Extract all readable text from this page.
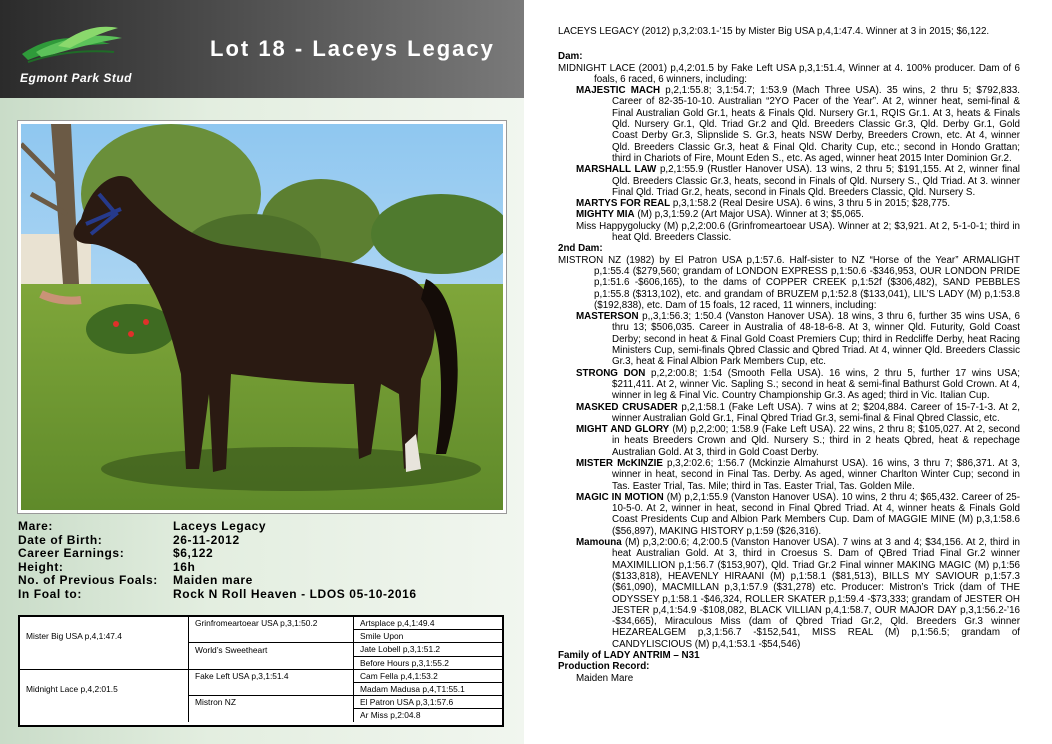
Egmont Park Stud
Lot 18 - Laceys Legacy
Mare:	Laceys Legacy
Date of Birth:	26-11-2012
Career Earnings:	$6,122
Height:	16h
No. of Previous Foals:	Maiden mare
In Foal to:	Rock N Roll Heaven - LDOS 05-10-2016
	Grinfromeartoear USA p,3,1:50.2	Artsplace p,4,1:49.4
Mister Big USA p,4,1:47.4		Smile Upon
	World’s Sweetheart	Jate Lobell p,3,1:51.2
		Before Hours p,3,1:55.2
	Fake Left USA p,3,1:51.4	Cam Fella p,4,1:53.2
Midnight Lace p,4,2:01.5		Madam Madusa p,4,T1:55.1
	Mistron NZ	El Patron USA p,3,1:57.6
		Ar Miss p,2:04.8

LACEYS LEGACY (2012) p,3,2:03.1-’15 by Mister Big USA p,4,1:47.4. Winner at 3 in 2015; $6,122.

Dam:

MIDNIGHT LACE (2001) p,4,2:01.5 by Fake Left USA p,3,1:51.4, Winner at 4. 100% producer. Dam of 6 foals, 6 raced, 6 winners, including:

MAJESTIC MACH p,2,1:55.8; 3,1:54.7; 1:53.9 (Mach Three USA). 35 wins, 2 thru 5; $792,833. Career of 82-35-10-10. Australian “2YO Pacer of the Year”. At 2, winner heat, semi-final & Final Australian Gold Gr.1, heats & Finals Qld. Nursery Gr.1, RQIS Gr.1. At 3, heats & Finals Qld. Nursery Gr.1, Qld. Triad Gr.2 and Qld. Breeders Classic Gr.3, Qld. Derby Gr.1, Gold Coast Derby Gr.3, Slipnslide S. Gr.3, heats NSW Derby, Breeders Crown, etc. At 4, winner Qld. Breeders Classic Gr.3, heat & Final Qld. Charity Cup, etc.; second in Hondo Grattan; third in Chariots of Fire, Mount Eden S., etc. As aged, winner heat 2015 Inter Dominion Gr.2.

MARSHALL LAW p,2,1:55.9 (Rustler Hanover USA). 13 wins, 2 thru 5; $191,155. At 2, winner final Qld. Breeders Classic Gr.3, heats, second in Finals of Qld. Nursery S., Qld Triad. At 3. winner Final Qld. Triad Gr.2, heats, second in Finals Qld. Breeders Classic, Qld. Nursery S.

MARTYS FOR REAL p,3,1:58.2 (Real Desire USA). 6 wins, 3 thru 5 in 2015; $28,775.

MIGHTY MIA (M) p,3,1:59.2 (Art Major USA). Winner at 3; $5,065.

Miss Happygolucky (M) p,2,2:00.6 (Grinfromeartoear USA). Winner at 2; $3,921. At 2, 5-1-0-1; third in heat Qld. Breeders Classic.

2nd Dam:

MISTRON NZ (1982) by El Patron USA p,1:57.6. Half-sister to NZ “Horse of the Year” ARMALIGHT p,1:55.4 ($279,560; grandam of LONDON EXPRESS p,1:50.6 -$346,953, OUR LONDON PRIDE p,1:51.6 -$606,165), to the dams of COPPER CREEK p,1:52f ($306,482), SAND PEBBLES p,1:55.8 ($313,102), etc. and grandam of BRUZEM p,1:52.8 ($133,041), LIL’S LADY (M) p,1:53.8 ($192,838), etc. Dam of 15 foals, 12 raced, 11 winners, including:

MASTERSON p,,3,1:56.3; 1:50.4 (Vanston Hanover USA). 18 wins, 3 thru 6, further 35 wins USA, 6 thru 13; $506,035. Career in Australia of 48-18-6-8. At 3, winner Qld. Futurity, Gold Coast Derby; second in heat & Final Gold Coast Premiers Cup; third in Redcliffe Derby, heat Racing Ministers Cup, semi-finals Qbred Classic and Qbred Triad. At 4, winner Qld. Breeders Classic Gr.3, heat & Final Albion Park Members Cup, etc.

STRONG DON p,2,2:00.8; 1:54 (Smooth Fella USA). 16 wins, 2 thru 5, further 17 wins USA; $211,411. At 2, winner Vic. Sapling S.; second in heat & semi-final Bathurst Gold Crown. At 4, winner in leg & Final Vic. Country Championship Gr.3. As aged; third in Vic. Italian Cup.

MASKED CRUSADER p,2,1:58.1 (Fake Left USA). 7 wins at 2; $204,884. Career of 15-7-1-3. At 2, winner Australian Gold Gr.1, Final Qbred Triad Gr.3, semi-final & Final Qbred Classic, etc.

MIGHT AND GLORY (M) p,2,2:00; 1:58.9 (Fake Left USA). 22 wins, 2 thru 8; $105,027. At 2, second in heats Breeders Crown and Qld. Nursery S.; third in 2 heats Qbred, heat & repechage Australian Gold. At 3, third in Gold Coast Derby.

MISTER McKINZIE p,3,2:02.6; 1:56.7 (Mckinzie Almahurst USA). 16 wins, 3 thru 7; $86,371. At 3, winner in heat, second in Final Tas. Derby. As aged, winner Charlton Winter Cup; second in Tas. Easter Trial, Tas. Mile; third in Tas. Easter Trial, Tas. Golden Mile.

MAGIC IN MOTION (M) p,2,1:55.9 (Vanston Hanover USA). 10 wins, 2 thru 4; $65,432. Career of 25-10-5-0. At 2, winner in heat, second in Final Qbred Triad. At 4, winner heats & Finals Gold Coast Presidents Cup and Albion Park Members Cup. Dam of MAGGIE MINE (M) p,3,1:58.6 ($56,897), MAKING HISTORY p,1:59 ($26,316).

Mamouna (M) p,3,2:00.6; 4,2:00.5 (Vanston Hanover USA). 7 wins at 3 and 4; $34,156. At 2, third in heat Australian Gold. At 3, third in Croesus S. Dam of QBred Triad Final Gr.2 winner MAXIMILLION p,1:56.7 ($153,907), Qld. Triad Gr.2 Final winner MAKING MAGIC (M) p,1:56 ($133,818), HEAVENLY HIRAANI (M) p,1:58.1 ($81,513), BILLS MY SAVIOUR p,1:57.3 ($61,090), MACMILLAN p,3,1:57.9 ($31,278) etc. Producer: Mistron’s Trick (dam of THE ODYSSEY p,1:58.1 -$46,324, ROLLER SKATER p,1:59.4 -$73,333; grandam of JESTER OH JESTER p,4,1:54.9 -$108,082, BLACK VILLIAN p,4,1:58.7, OUR MAJOR DAY p,3,1:56.2-’16 -$34,665), Miraculous Miss (dam of Qbred Triad Gr.2, Qld. Breeders Gr.3 winner HEZAREALGEM p,3,1:56.7 -$152,541, MISS REAL (M) p,1:56.5; grandam of CANDYLISCIOUS (M) p,4,1:53.1 -$54,546)

Family of LADY ANTRIM – N31
Production Record:

Maiden Mare
